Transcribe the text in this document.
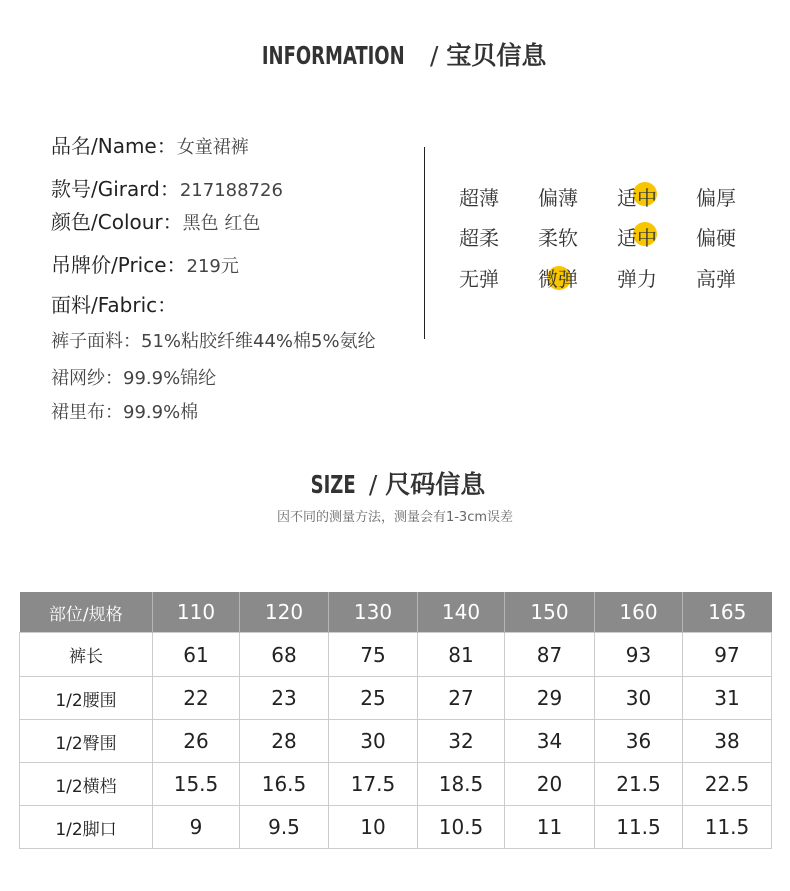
INFORMATION / 宝贝信息
品名/Name：女童裙裤
款号/Girard：217188726
颜色/Colour：黑色 红色
吊牌价/Price：219元
面料/Fabric：
裤子面料：51%粘胶纤维44%棉5%氨纶
裙网纱：99.9%锦纶
裙里布：99.9%棉
超薄	偏薄	适中	偏厚
超柔	柔软	适中	偏硬
无弹	微弹	弹力	高弹
SIZE / 尺码信息
因不同的测量方法，测量会有1-3cm误差
部位/规格	110	120	130	140	150	160	165
裤长	61	68	75	81	87	93	97
1/2腰围	22	23	25	27	29	30	31
1/2臀围	26	28	30	32	34	36	38
1/2横档	15.5	16.5	17.5	18.5	20	21.5	22.5
1/2脚口	9	9.5	10	10.5	11	11.5	11.5
